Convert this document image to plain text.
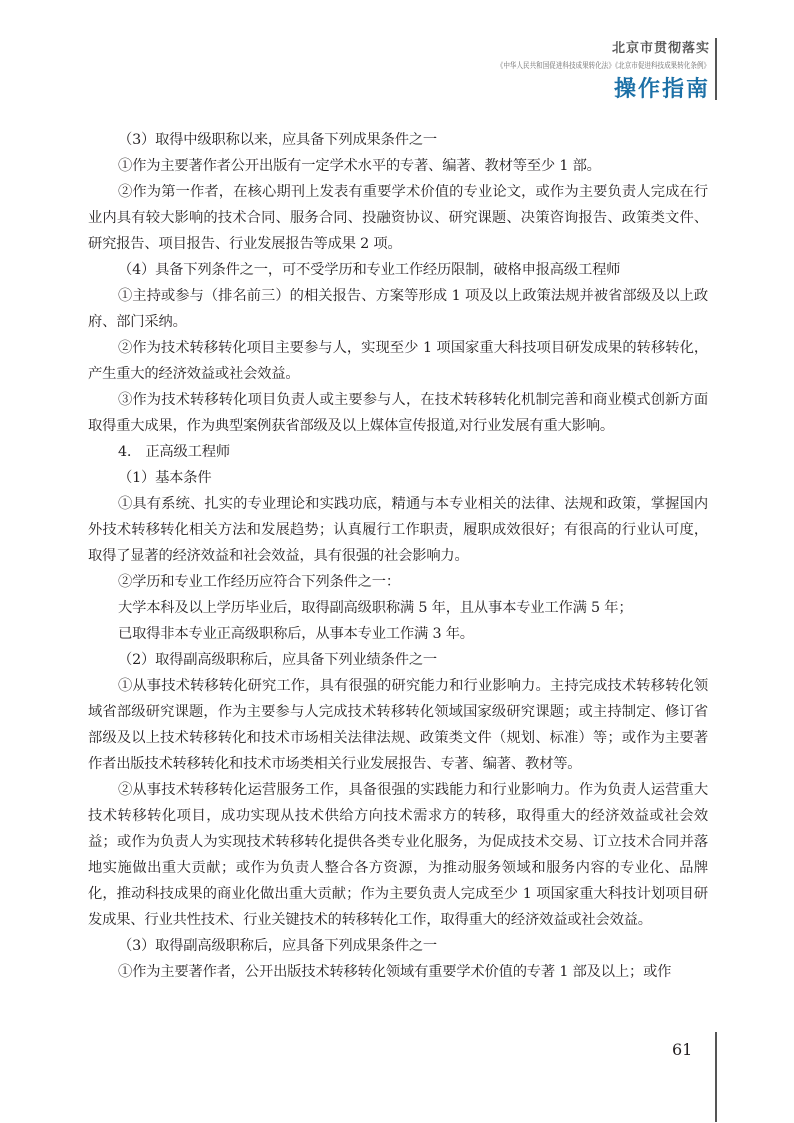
北京市贯彻落实
《中华人民共和国促进科技成果转化法》《北京市促进科技成果转化条例》
操作指南

（3）取得中级职称以来，应具备下列成果条件之一

①作为主要著作者公开出版有一定学术水平的专著、编著、教材等至少 1 部。

②作为第一作者，在核心期刊上发表有重要学术价值的专业论文，或作为主要负责人完成在行业内具有较大影响的技术合同、服务合同、投融资协议、研究课题、决策咨询报告、政策类文件、研究报告、项目报告、行业发展报告等成果 2 项。

（4）具备下列条件之一，可不受学历和专业工作经历限制，破格申报高级工程师

①主持或参与（排名前三）的相关报告、方案等形成 1 项及以上政策法规并被省部级及以上政府、部门采纳。

②作为技术转移转化项目主要参与人，实现至少 1 项国家重大科技项目研发成果的转移转化，产生重大的经济效益或社会效益。

③作为技术转移转化项目负责人或主要参与人，在技术转移转化机制完善和商业模式创新方面取得重大成果，作为典型案例获省部级及以上媒体宣传报道,对行业发展有重大影响。

4.　正高级工程师

（1）基本条件

①具有系统、扎实的专业理论和实践功底，精通与本专业相关的法律、法规和政策，掌握国内外技术转移转化相关方法和发展趋势；认真履行工作职责，履职成效很好；有很高的行业认可度，取得了显著的经济效益和社会效益，具有很强的社会影响力。

②学历和专业工作经历应符合下列条件之一：

大学本科及以上学历毕业后，取得副高级职称满 5 年，且从事本专业工作满 5 年；

已取得非本专业正高级职称后，从事本专业工作满 3 年。

（2）取得副高级职称后，应具备下列业绩条件之一

①从事技术转移转化研究工作，具有很强的研究能力和行业影响力。主持完成技术转移转化领域省部级研究课题，作为主要参与人完成技术转移转化领域国家级研究课题；或主持制定、修订省部级及以上技术转移转化和技术市场相关法律法规、政策类文件（规划、标准）等；或作为主要著作者出版技术转移转化和技术市场类相关行业发展报告、专著、编著、教材等。

②从事技术转移转化运营服务工作，具备很强的实践能力和行业影响力。作为负责人运营重大技术转移转化项目，成功实现从技术供给方向技术需求方的转移，取得重大的经济效益或社会效益；或作为负责人为实现技术转移转化提供各类专业化服务，为促成技术交易、订立技术合同并落地实施做出重大贡献；或作为负责人整合各方资源，为推动服务领域和服务内容的专业化、品牌化，推动科技成果的商业化做出重大贡献；作为主要负责人完成至少 1 项国家重大科技计划项目研发成果、行业共性技术、行业关键技术的转移转化工作，取得重大的经济效益或社会效益。

（3）取得副高级职称后，应具备下列成果条件之一

①作为主要著作者，公开出版技术转移转化领域有重要学术价值的专著 1 部及以上；或作

61
